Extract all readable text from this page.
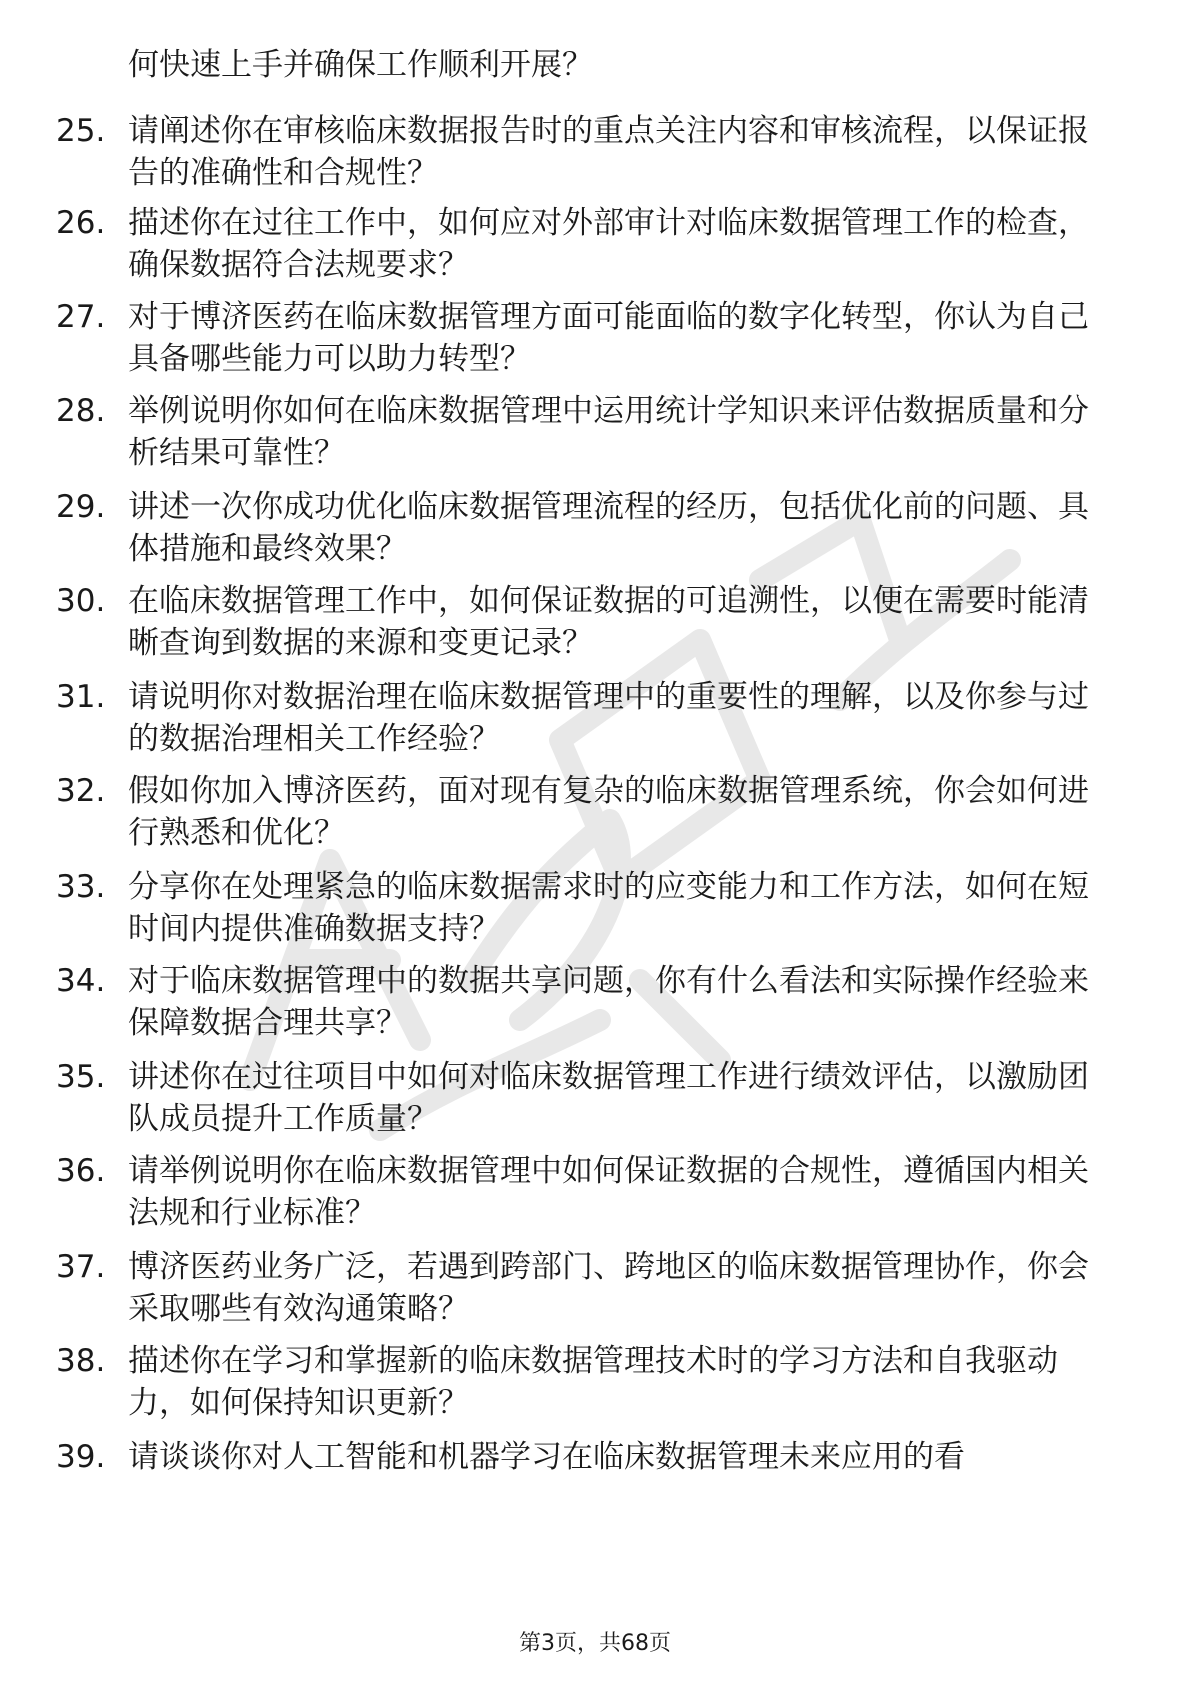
何快速上手并确保工作顺利开展？
25. 请阐述你在审核临床数据报告时的重点关注内容和审核流程，以保证报告的准确性和合规性？
26. 描述你在过往工作中，如何应对外部审计对临床数据管理工作的检查，确保数据符合法规要求？
27. 对于博济医药在临床数据管理方面可能面临的数字化转型，你认为自己具备哪些能力可以助力转型？
28. 举例说明你如何在临床数据管理中运用统计学知识来评估数据质量和分析结果可靠性？
29. 讲述一次你成功优化临床数据管理流程的经历，包括优化前的问题、具体措施和最终效果？
30. 在临床数据管理工作中，如何保证数据的可追溯性，以便在需要时能清晰查询到数据的来源和变更记录？
31. 请说明你对数据治理在临床数据管理中的重要性的理解，以及你参与过的数据治理相关工作经验？
32. 假如你加入博济医药，面对现有复杂的临床数据管理系统，你会如何进行熟悉和优化？
33. 分享你在处理紧急的临床数据需求时的应变能力和工作方法，如何在短时间内提供准确数据支持？
34. 对于临床数据管理中的数据共享问题，你有什么看法和实际操作经验来保障数据合理共享？
35. 讲述你在过往项目中如何对临床数据管理工作进行绩效评估，以激励团队成员提升工作质量？
36. 请举例说明你在临床数据管理中如何保证数据的合规性，遵循国内相关法规和行业标准？
37. 博济医药业务广泛，若遇到跨部门、跨地区的临床数据管理协作，你会采取哪些有效沟通策略？
38. 描述你在学习和掌握新的临床数据管理技术时的学习方法和自我驱动力，如何保持知识更新？
39. 请谈谈你对人工智能和机器学习在临床数据管理未来应用的看
第3页，共68页
